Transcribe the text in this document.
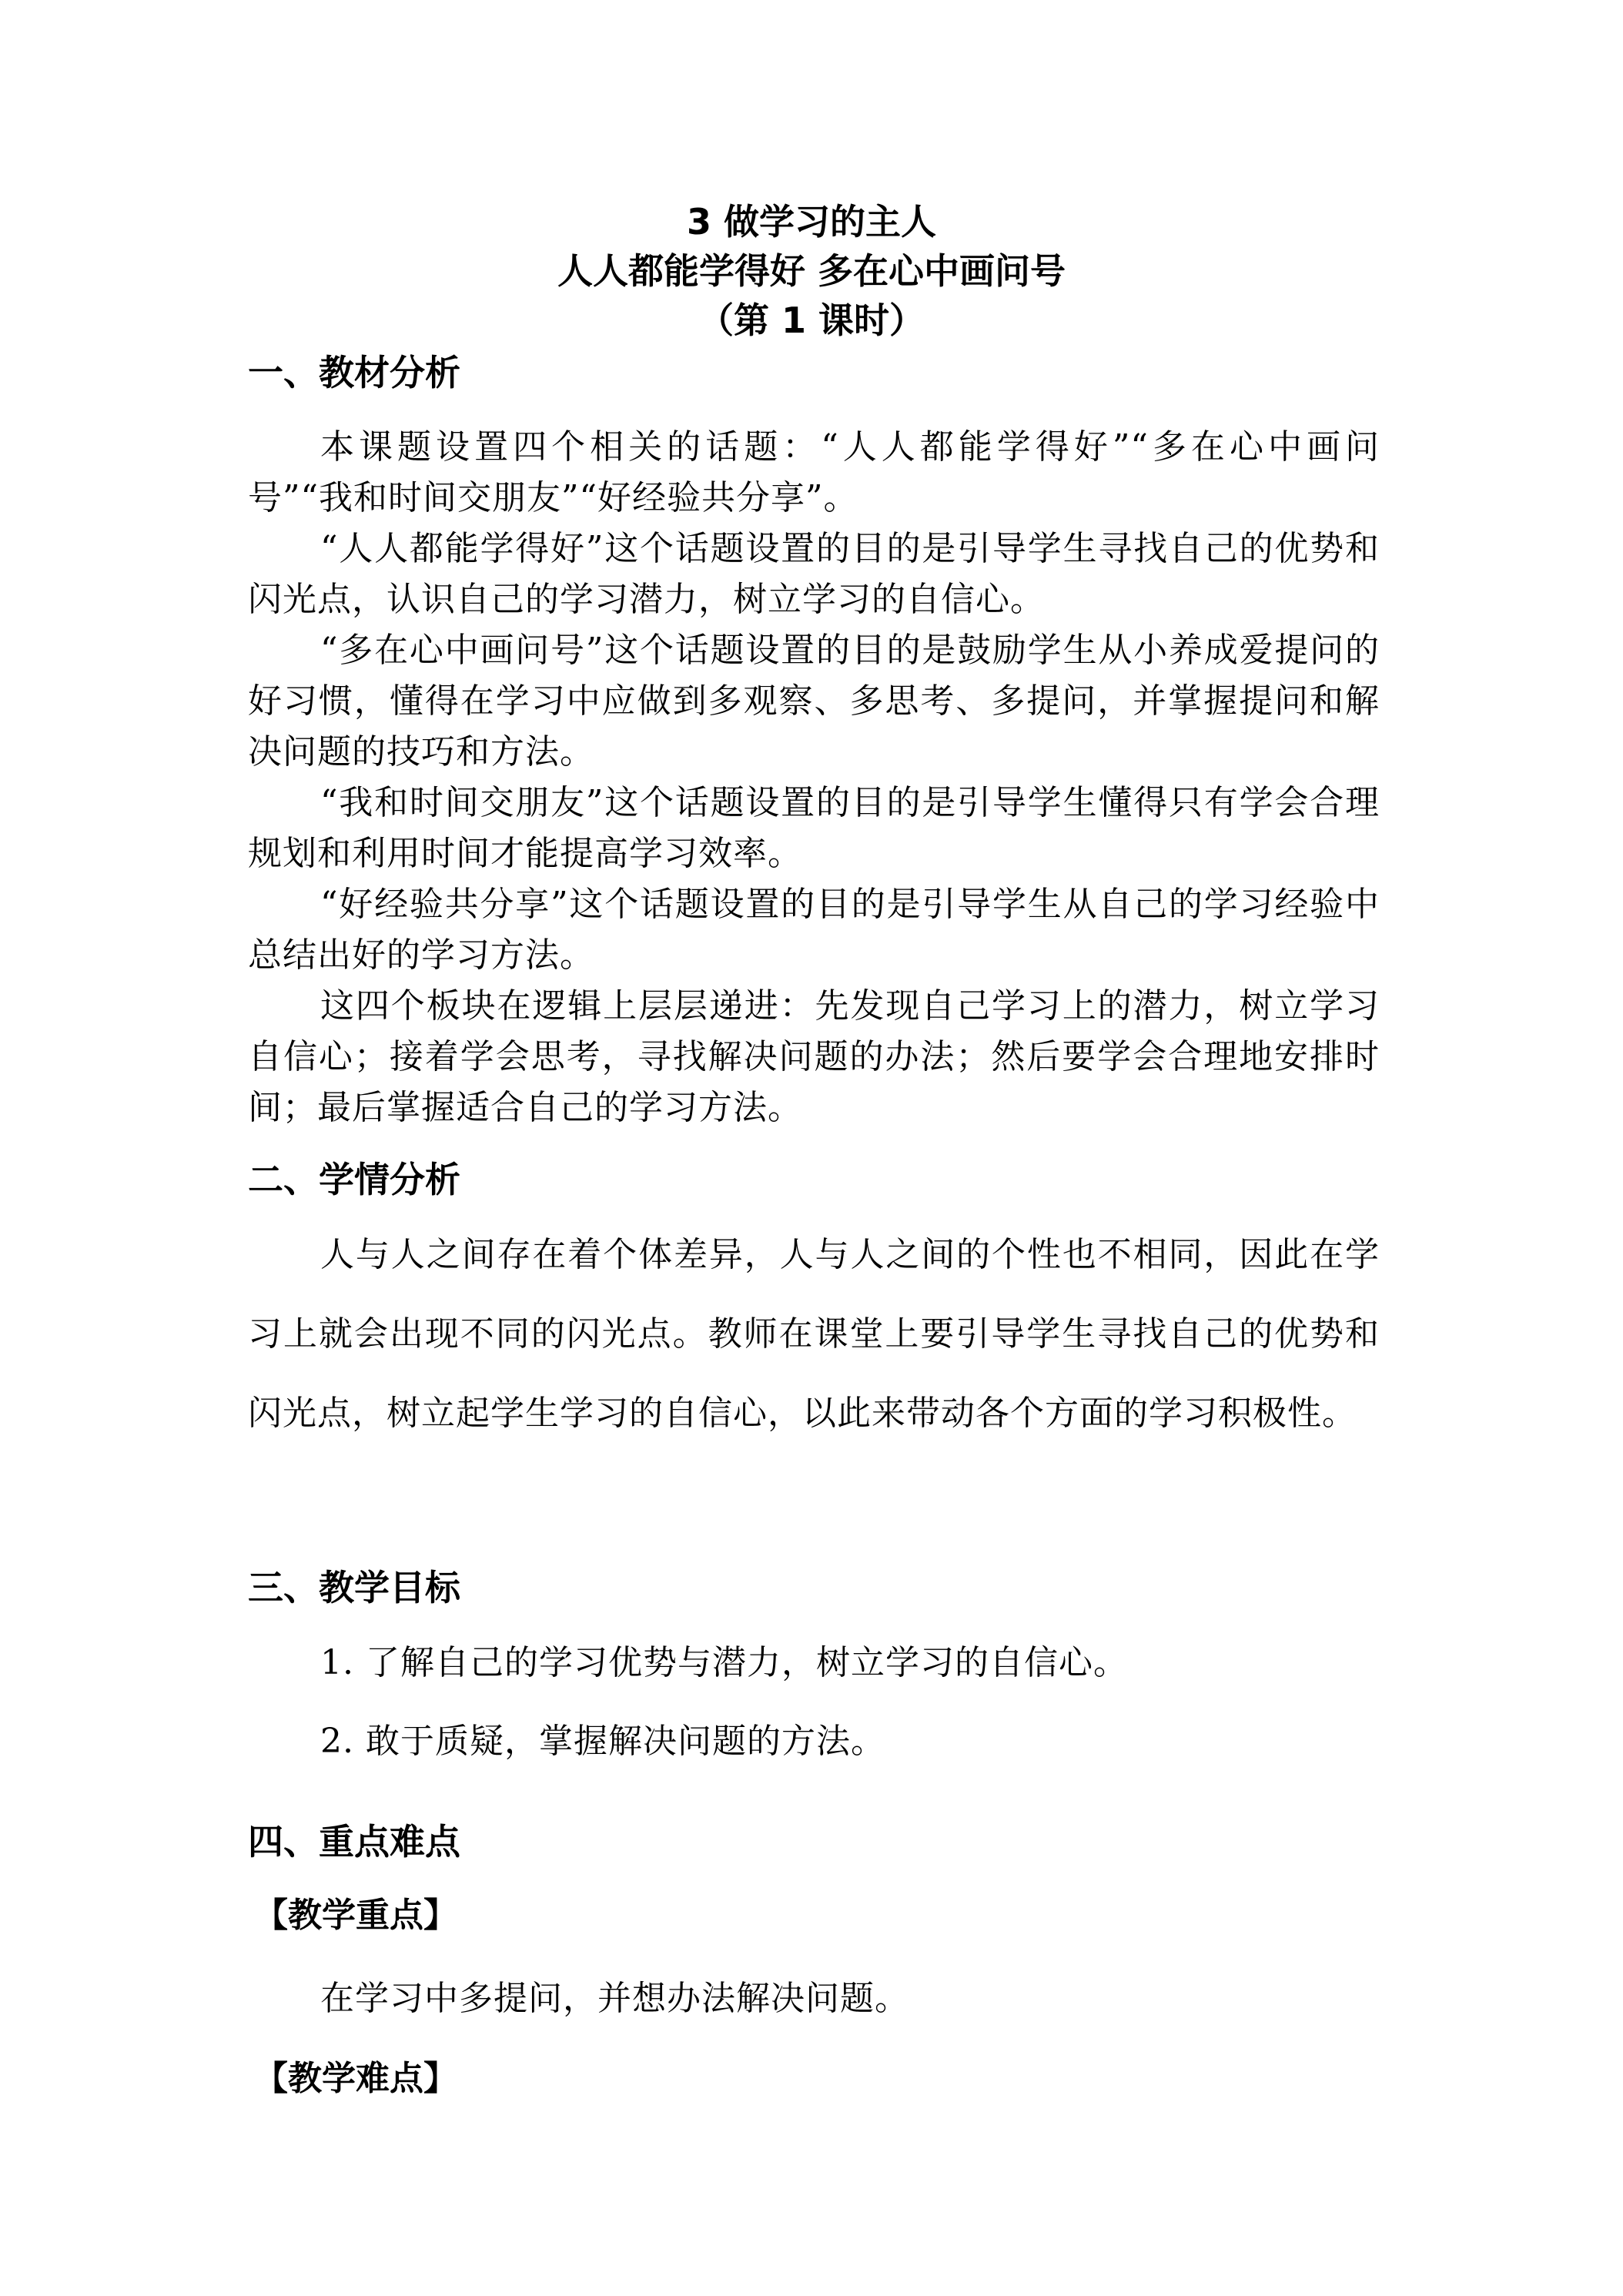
3 做学习的主人
人人都能学得好 多在心中画问号
（第 1 课时）
一、教材分析
本课题设置四个相关的话题：“人人都能学得好”“多在心中画问号”“我和时间交朋友”“好经验共分享”。
“人人都能学得好”这个话题设置的目的是引导学生寻找自己的优势和闪光点，认识自己的学习潜力，树立学习的自信心。
“多在心中画问号”这个话题设置的目的是鼓励学生从小养成爱提问的好习惯，懂得在学习中应做到多观察、多思考、多提问，并掌握提问和解决问题的技巧和方法。
“我和时间交朋友”这个话题设置的目的是引导学生懂得只有学会合理规划和利用时间才能提高学习效率。
“好经验共分享”这个话题设置的目的是引导学生从自己的学习经验中总结出好的学习方法。
这四个板块在逻辑上层层递进：先发现自己学习上的潜力，树立学习自信心；接着学会思考，寻找解决问题的办法；然后要学会合理地安排时间；最后掌握适合自己的学习方法。
二、学情分析
人与人之间存在着个体差异，人与人之间的个性也不相同，因此在学习上就会出现不同的闪光点。教师在课堂上要引导学生寻找自己的优势和闪光点，树立起学生学习的自信心，以此来带动各个方面的学习积极性。
三、教学目标
1. 了解自己的学习优势与潜力，树立学习的自信心。
2. 敢于质疑，掌握解决问题的方法。
四、重点难点
【教学重点】
在学习中多提问，并想办法解决问题。
【教学难点】
